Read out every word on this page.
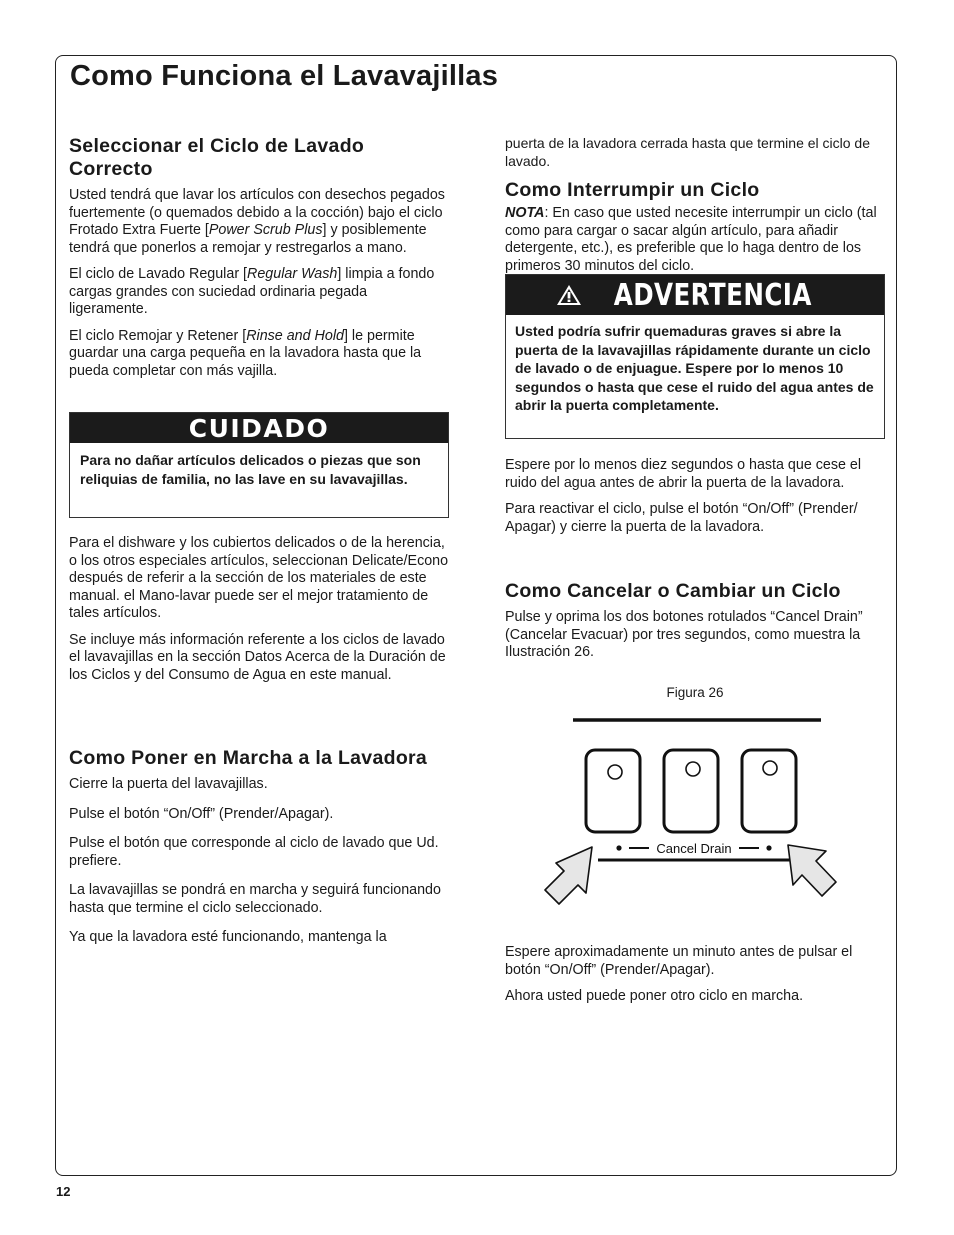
Como Funciona el Lavavajillas
Seleccionar el Ciclo de Lavado Correcto

Usted tendrá que lavar los artículos con desechos pegados fuertemente (o quemados debido a la cocción) bajo el ciclo Frotado Extra Fuerte [Power Scrub Plus] y posiblemente tendrá que ponerlos a remojar y restregarlos a mano.

El ciclo de Lavado Regular [Regular Wash] limpia a fondo cargas grandes con suciedad ordinaria pegada ligeramente.

El ciclo Remojar y Retener [Rinse and Hold] le permite guardar una carga pequeña en la lavadora hasta que la pueda completar con más vajilla.

CUIDADO
Para no dañar artículos delicados o piezas que son reliquias de familia, no las lave en su lavavajillas.

Para el dishware y los cubiertos delicados o de la herencia, o los otros especiales artículos, seleccionan Delicate/Econo después de referir a la sección de los materiales de este manual. el Mano-lavar puede ser el mejor tratamiento de tales artículos.

Se incluye más información referente a los ciclos de lavado el lavavajillas en la sección Datos Acerca de la Duración de los Ciclos y del Consumo de Agua en este manual.

Como Poner en Marcha a la Lavadora

Cierre la puerta del lavavajillas.

Pulse el botón “On/Off” (Prender/Apagar).

Pulse el botón que corresponde al ciclo de lavado que Ud. prefiere.

La lavavajillas se pondrá en marcha y seguirá funcionando hasta que termine el ciclo seleccionado.

Ya que la lavadora esté funcionando, mantenga la

puerta de la lavadora cerrada hasta que termine el ciclo de lavado.

Como Interrumpir un Ciclo

NOTA: En caso que usted necesite interrumpir un ciclo (tal como para cargar o sacar algún artículo, para añadir detergente, etc.), es preferible que lo haga dentro de los primeros 30 minutos del ciclo.

ADVERTENCIA
Usted podría sufrir quemaduras graves si abre la puerta de la lavavajillas rápidamente durante un ciclo de lavado o de enjuague. Espere por lo menos 10 segundos o hasta que cese el ruido del agua antes de abrir la puerta completamente.

Espere por lo menos diez segundos o hasta que cese el ruido del agua antes de abrir la puerta de la lavadora.

Para reactivar el ciclo, pulse el botón “On/Off” (Prender/ Apagar) y cierre la puerta de la lavadora.

Como Cancelar o Cambiar un Ciclo

Pulse y oprima los dos botones rotulados “Cancel Drain” (Cancelar Evacuar) por tres segundos, como muestra la Ilustración 26.

Figura 26
Cancel Drain

Espere aproximadamente un minuto antes de pulsar el botón “On/Off” (Prender/Apagar).

Ahora usted puede poner otro ciclo en marcha.

12
